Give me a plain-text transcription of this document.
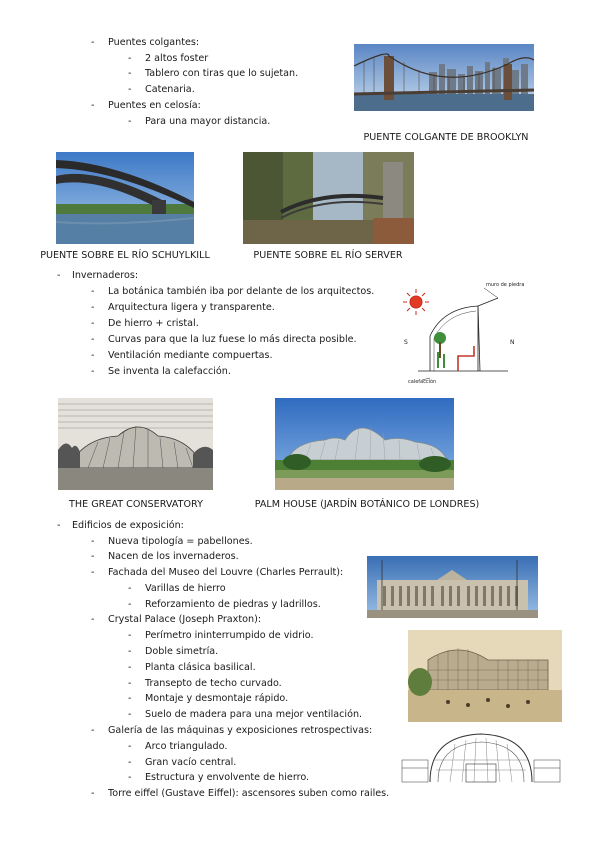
- Puentes colgantes:
- 2 altos foster
- Tablero con tiras que lo sujetan.
- Catenaria.
- Puentes en celosía:
- Para una mayor distancia.
PUENTE COLGANTE DE BROOKLYN
PUENTE SOBRE EL RÍO SCHUYLKILL	PUENTE SOBRE EL RÍO SERVER
- Invernaderos:
- La botánica también iba por delante de los arquitectos.
- Arquitectura ligera y transparente.
- De hierro + cristal.
- Curvas para que la luz fuese lo más directa posible.
- Ventilación mediante compuertas.
- Se inventa la calefacción.
muro de piedra
calefacción
S	N
THE GREAT CONSERVATORY	PALM HOUSE (JARDÍN BOTÁNICO DE LONDRES)
- Edificios de exposición:
- Nueva tipología = pabellones.
- Nacen de los invernaderos.
- Fachada del Museo del Louvre (Charles Perrault):
- Varillas de hierro
- Reforzamiento de piedras y ladrillos.
- Crystal Palace (Joseph Praxton):
- Perímetro ininterrumpido de vidrio.
- Doble simetría.
- Planta clásica basilical.
- Transepto de techo curvado.
- Montaje y desmontaje rápido.
- Suelo de madera para una mejor ventilación.
- Galería de las máquinas y exposiciones retrospectivas:
- Arco triangulado.
- Gran vacío central.
- Estructura y envolvente de hierro.
- Torre eiffel (Gustave Eiffel): ascensores suben como railes.
